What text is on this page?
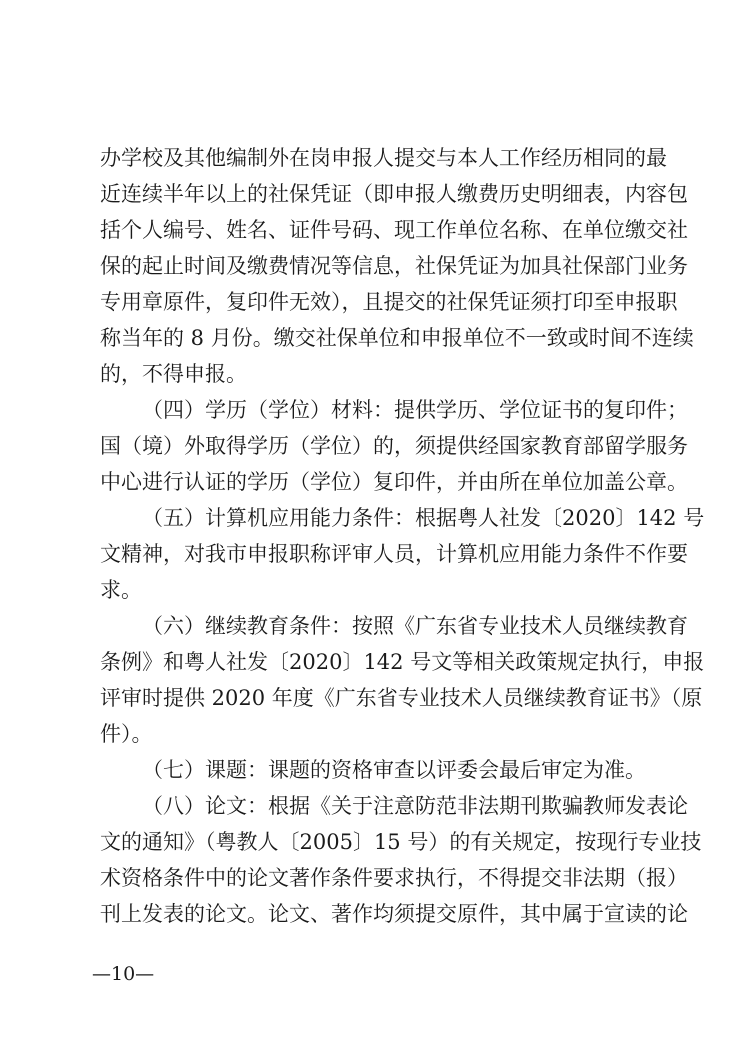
办学校及其他编制外在岗申报人提交与本人工作经历相同的最
近连续半年以上的社保凭证（即申报人缴费历史明细表，内容包
括个人编号、姓名、证件号码、现工作单位名称、在单位缴交社
保的起止时间及缴费情况等信息，社保凭证为加具社保部门业务
专用章原件，复印件无效），且提交的社保凭证须打印至申报职
称当年的 8 月份。缴交社保单位和申报单位不一致或时间不连续
的，不得申报。
（四）学历（学位）材料：提供学历、学位证书的复印件；
国（境）外取得学历（学位）的，须提供经国家教育部留学服务
中心进行认证的学历（学位）复印件，并由所在单位加盖公章。
（五）计算机应用能力条件：根据粤人社发〔2020〕142 号
文精神，对我市申报职称评审人员，计算机应用能力条件不作要
求。
（六）继续教育条件：按照《广东省专业技术人员继续教育
条例》和粤人社发〔2020〕142 号文等相关政策规定执行，申报
评审时提供 2020 年度《广东省专业技术人员继续教育证书》（原
件）。
（七）课题：课题的资格审查以评委会最后审定为准。
（八）论文：根据《关于注意防范非法期刊欺骗教师发表论
文的通知》（粤教人〔2005〕15 号）的有关规定，按现行专业技
术资格条件中的论文著作条件要求执行，不得提交非法期（报）
刊上发表的论文。论文、著作均须提交原件，其中属于宣读的论
—10—
